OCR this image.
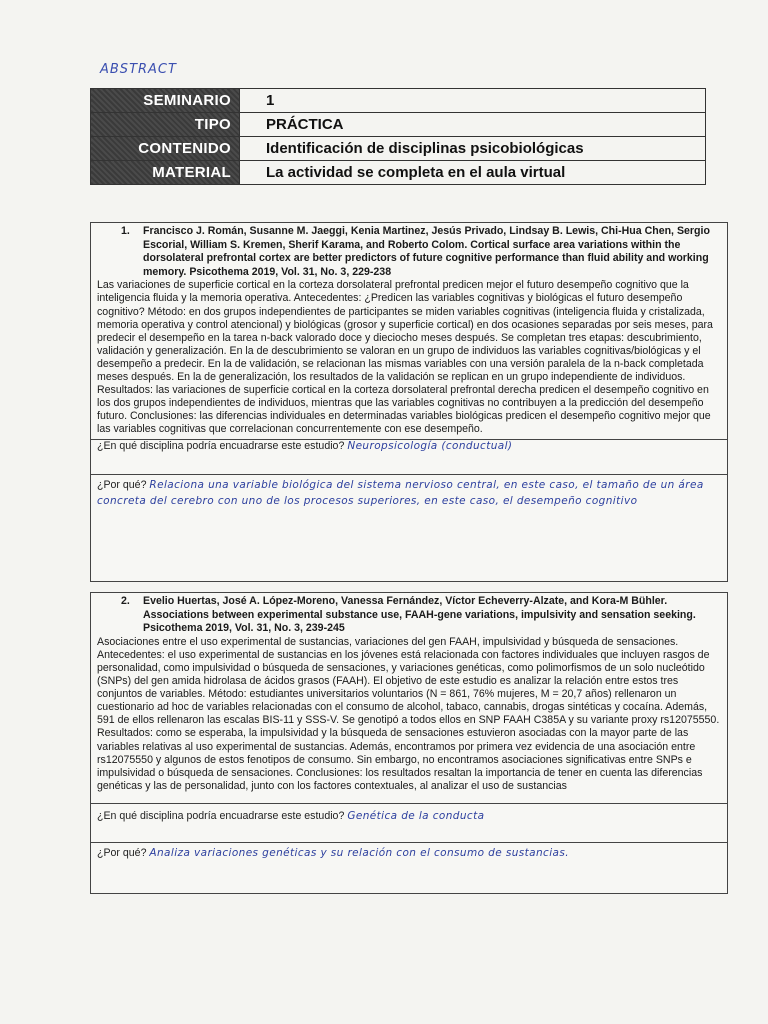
ABSTRACT
SEMINARIO	1
TIPO	PRÁCTICA
CONTENIDO	Identificación de disciplinas psicobiológicas
MATERIAL	La actividad se completa en el aula virtual
1. Francisco J. Román, Susanne M. Jaeggi, Kenia Martinez, Jesús Privado, Lindsay B. Lewis, Chi-Hua Chen, Sergio Escorial, William S. Kremen, Sherif Karama, and Roberto Colom. Cortical surface area variations within the dorsolateral prefrontal cortex are better predictors of future cognitive performance than fluid ability and working memory. Psicothema 2019, Vol. 31, No. 3, 229-238
Las variaciones de superficie cortical en la corteza dorsolateral prefrontal predicen mejor el futuro desempeño cognitivo que la inteligencia fluida y la memoria operativa. Antecedentes: ¿Predicen las variables cognitivas y biológicas el futuro desempeño cognitivo? Método: en dos grupos independientes de participantes se miden variables cognitivas (inteligencia fluida y cristalizada, memoria operativa y control atencional) y biológicas (grosor y superficie cortical) en dos ocasiones separadas por seis meses, para predecir el desempeño en la tarea n-back valorado doce y dieciocho meses después. Se completan tres etapas: descubrimiento, validación y generalización. En la de descubrimiento se valoran en un grupo de individuos las variables cognitivas/biológicas y el desempeño a predecir. En la de validación, se relacionan las mismas variables con una versión paralela de la n-back completada meses después. En la de generalización, los resultados de la validación se replican en un grupo independiente de individuos. Resultados: las variaciones de superficie cortical en la corteza dorsolateral prefrontal derecha predicen el desempeño cognitivo en los dos grupos independientes de individuos, mientras que las variables cognitivas no contribuyen a la predicción del desempeño futuro. Conclusiones: las diferencias individuales en determinadas variables biológicas predicen el desempeño cognitivo mejor que las variables cognitivas que correlacionan concurrentemente con ese desempeño.
¿En qué disciplina podría encuadrarse este estudio? Neuropsicología (conductual)
¿Por qué? Relaciona una variable biológica del sistema nervioso central, en este caso, el tamaño de un área concreta del cerebro con uno de los procesos superiores, en este caso, el desempeño cognitivo
2. Evelio Huertas, José A. López-Moreno, Vanessa Fernández, Víctor Echeverry-Alzate, and Kora-M Bühler. Associations between experimental substance use, FAAH-gene variations, impulsivity and sensation seeking. Psicothema 2019, Vol. 31, No. 3, 239-245
Asociaciones entre el uso experimental de sustancias, variaciones del gen FAAH, impulsividad y búsqueda de sensaciones. Antecedentes: el uso experimental de sustancias en los jóvenes está relacionada con factores individuales que incluyen rasgos de personalidad, como impulsividad o búsqueda de sensaciones, y variaciones genéticas, como polimorfismos de un solo nucleótido (SNPs) del gen amida hidrolasa de ácidos grasos (FAAH). El objetivo de este estudio es analizar la relación entre estos tres conjuntos de variables. Método: estudiantes universitarios voluntarios (N = 861, 76% mujeres, M = 20,7 años) rellenaron un cuestionario ad hoc de variables relacionadas con el consumo de alcohol, tabaco, cannabis, drogas sintéticas y cocaína. Además, 591 de ellos rellenaron las escalas BIS-11 y SSS-V. Se genotipó a todos ellos en SNP FAAH C385A y su variante proxy rs12075550. Resultados: como se esperaba, la impulsividad y la búsqueda de sensaciones estuvieron asociadas con la mayor parte de las variables relativas al uso experimental de sustancias. Además, encontramos por primera vez evidencia de una asociación entre rs12075550 y algunos de estos fenotipos de consumo. Sin embargo, no encontramos asociaciones significativas entre SNPs e impulsividad o búsqueda de sensaciones. Conclusiones: los resultados resaltan la importancia de tener en cuenta las diferencias genéticas y las de personalidad, junto con los factores contextuales, al analizar el uso de sustancias
¿En qué disciplina podría encuadrarse este estudio? Genética de la conducta
¿Por qué? Analiza variaciones genéticas y su relación con el consumo de sustancias.
